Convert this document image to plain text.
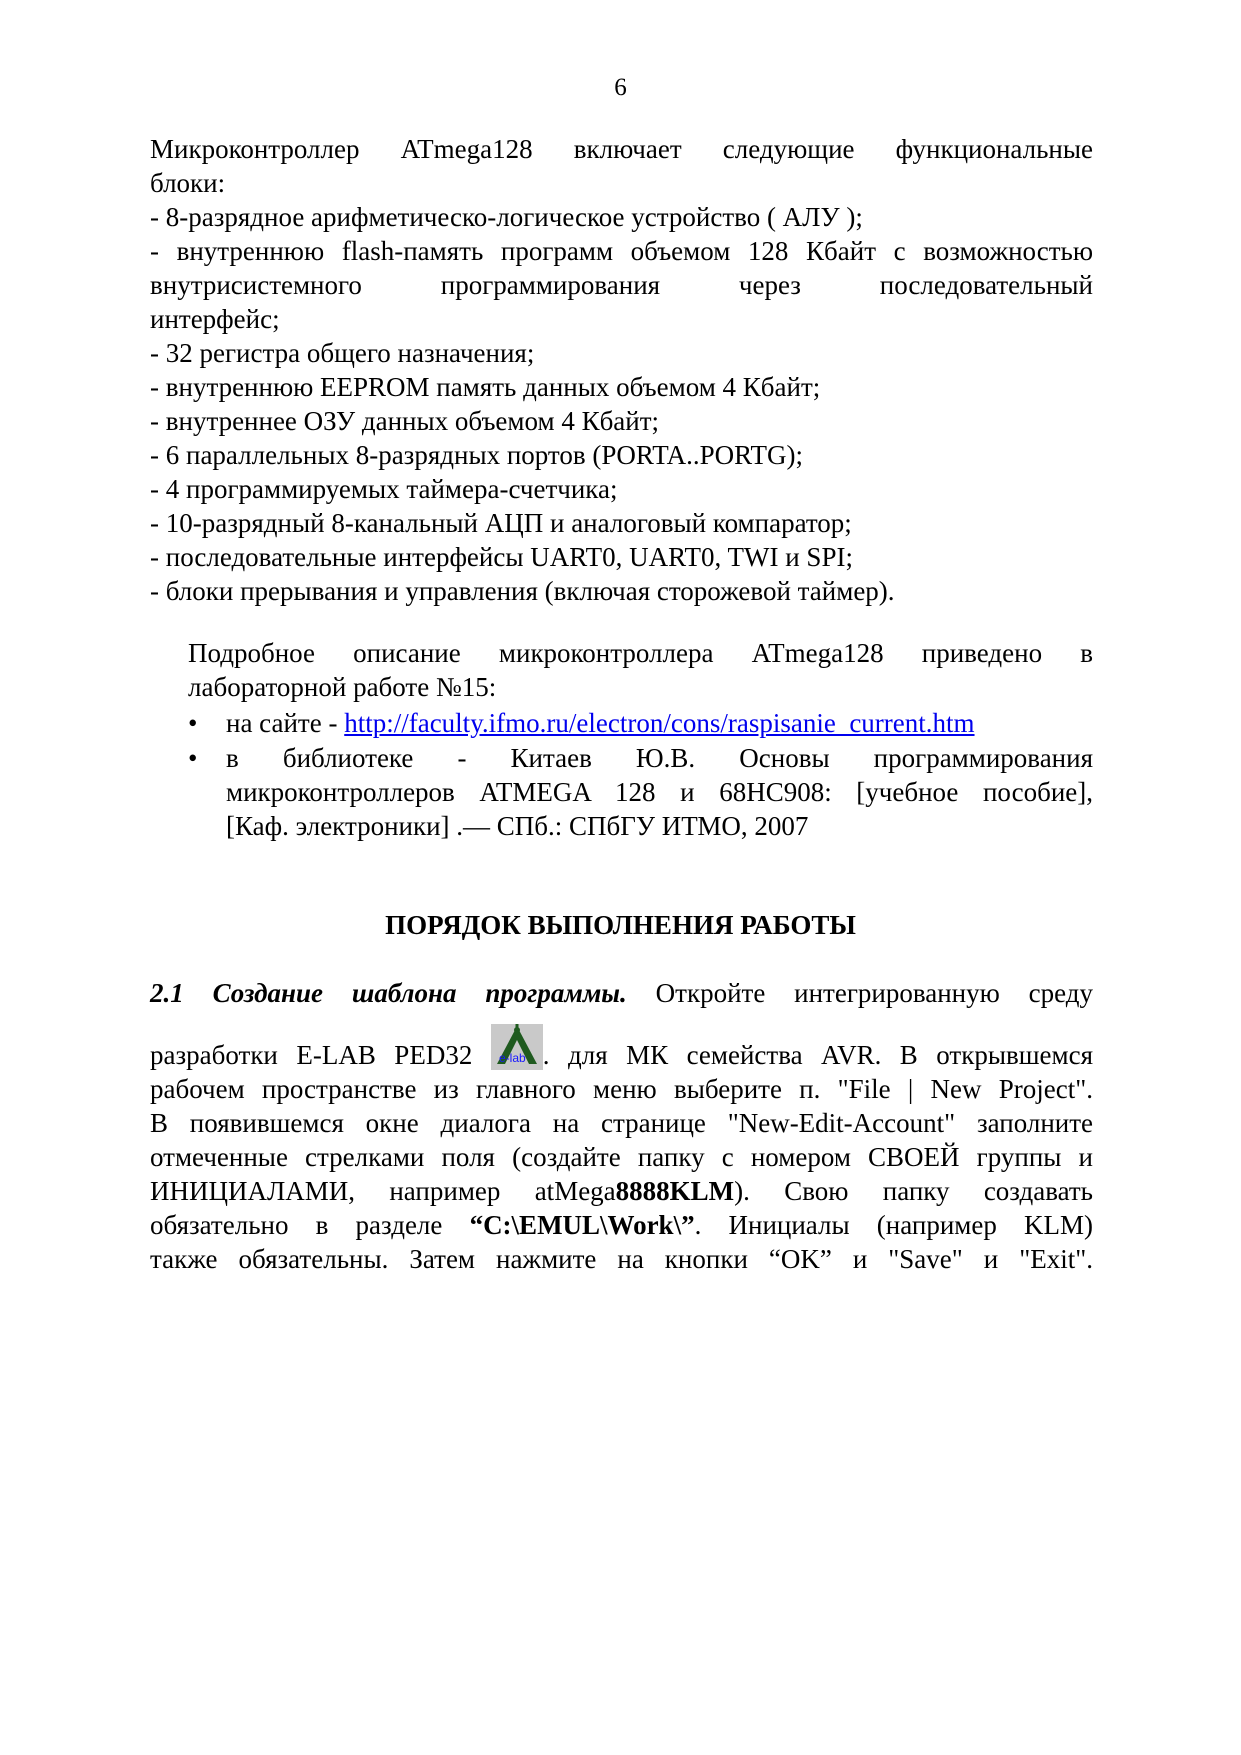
6
Микроконтроллер ATmega128 включает следующие функциональные
блоки:
- 8-разрядное арифметическо-логическое устройство ( АЛУ );
- внутреннюю flash-память программ объемом 128 Кбайт с возможностью
внутрисистемного программирования через последовательный
интерфейс;
- 32 регистра общего назначения;
- внутреннюю EEPROM память данных объемом 4 Кбайт;
- внутреннее ОЗУ данных объемом 4 Кбайт;
- 6 параллельных 8-разрядных портов (PORTA..PORTG);
- 4 программируемых таймера-счетчика;
- 10-разрядный 8-канальный АЦП и аналоговый компаратор;
- последовательные интерфейсы UART0, UART0, TWI и SPI;
- блоки прерывания и управления (включая сторожевой таймер).
Подробное описание микроконтроллера ATmega128 приведено в
лабораторной работе №15:
• на сайте - http://faculty.ifmo.ru/electron/cons/raspisanie_current.htm
• в библиотеке - Китаев Ю.В. Основы программирования
микроконтроллеров ATMEGA 128 и 68HC908: [учебное пособие],
[Каф. электроники] .— СПб.: СПбГУ ИТМО, 2007
ПОРЯДОК ВЫПОЛНЕНИЯ РАБОТЫ
2.1 Создание шаблона программы. Откройте интегрированную среду
разработки E-LAB PED32 e-lab . для МК семейства AVR. В открывшемся
рабочем пространстве из главного меню выберите п. "File | New Project".
В появившемся окне диалога на странице "New-Edit-Account" заполните
отмеченные стрелками поля (создайте папку с номером СВОЕЙ группы и
ИНИЦИАЛАМИ, например atMega8888KLM). Свою папку создавать
обязательно в разделе “C:\EMUL\Work\”. Инициалы (например KLM)
также обязательны. Затем нажмите на кнопки “OK” и "Save" и "Exit".
